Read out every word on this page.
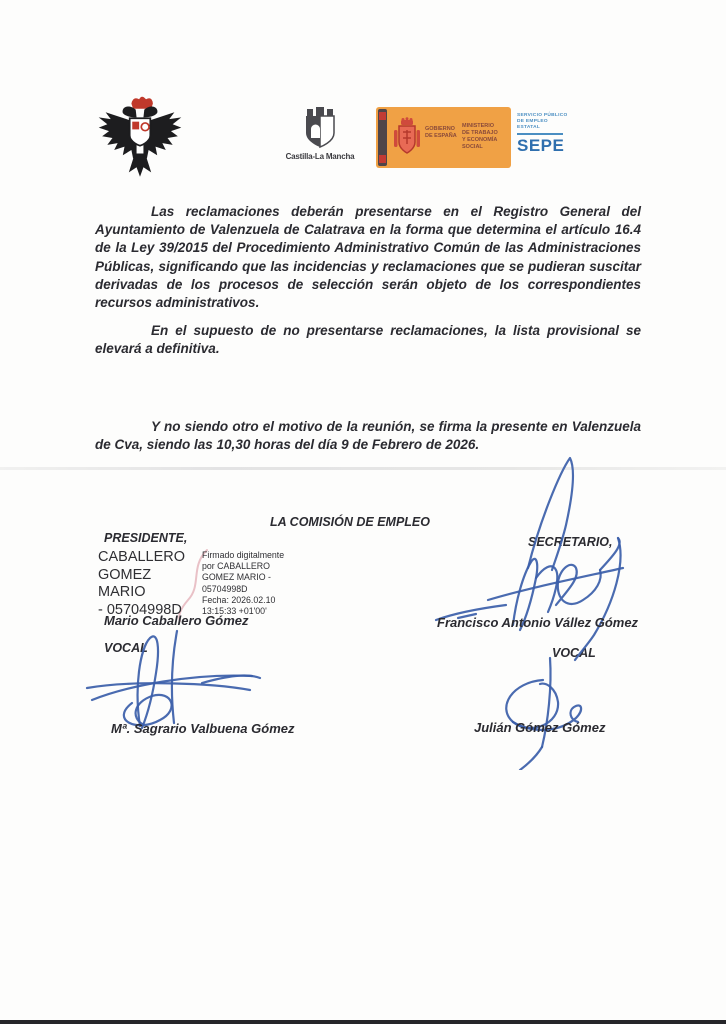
Castilla-La Mancha
GOBIERNO
DE ESPAÑA
MINISTERIO
DE TRABAJO
Y ECONOMÍA SOCIAL
SERVICIO PÚBLICO
DE EMPLEO ESTATAL
SEPE

Las reclamaciones deberán presentarse en el Registro General del Ayuntamiento de Valenzuela de Calatrava en la forma que determina el artículo 16.4 de la Ley 39/2015 del Procedimiento Administrativo Común de las Administraciones Públicas, significando que las incidencias y reclamaciones que se pudieran suscitar derivadas de los procesos de selección serán objeto de los correspondientes recursos administrativos.

En el supuesto de no presentarse reclamaciones, la lista provisional se elevará a definitiva.

Y no siendo otro el motivo de la reunión, se firma la presente en Valenzuela de Cva, siendo las 10,30 horas del día 9 de Febrero de 2026.

LA COMISIÓN DE EMPLEO
PRESIDENTE,	SECRETARIO,
VOCAL	VOCAL
CABALLERO
GOMEZ MARIO
- 05704998D
Firmado digitalmente
por CABALLERO
GOMEZ MARIO -
05704998D
Fecha: 2026.02.10
13:15:33 +01'00'
Mario Caballero Gómez	Francisco Antonio Vállez Gómez
Mª. Sagrario Valbuena Gómez	Julián Gómez Gómez
